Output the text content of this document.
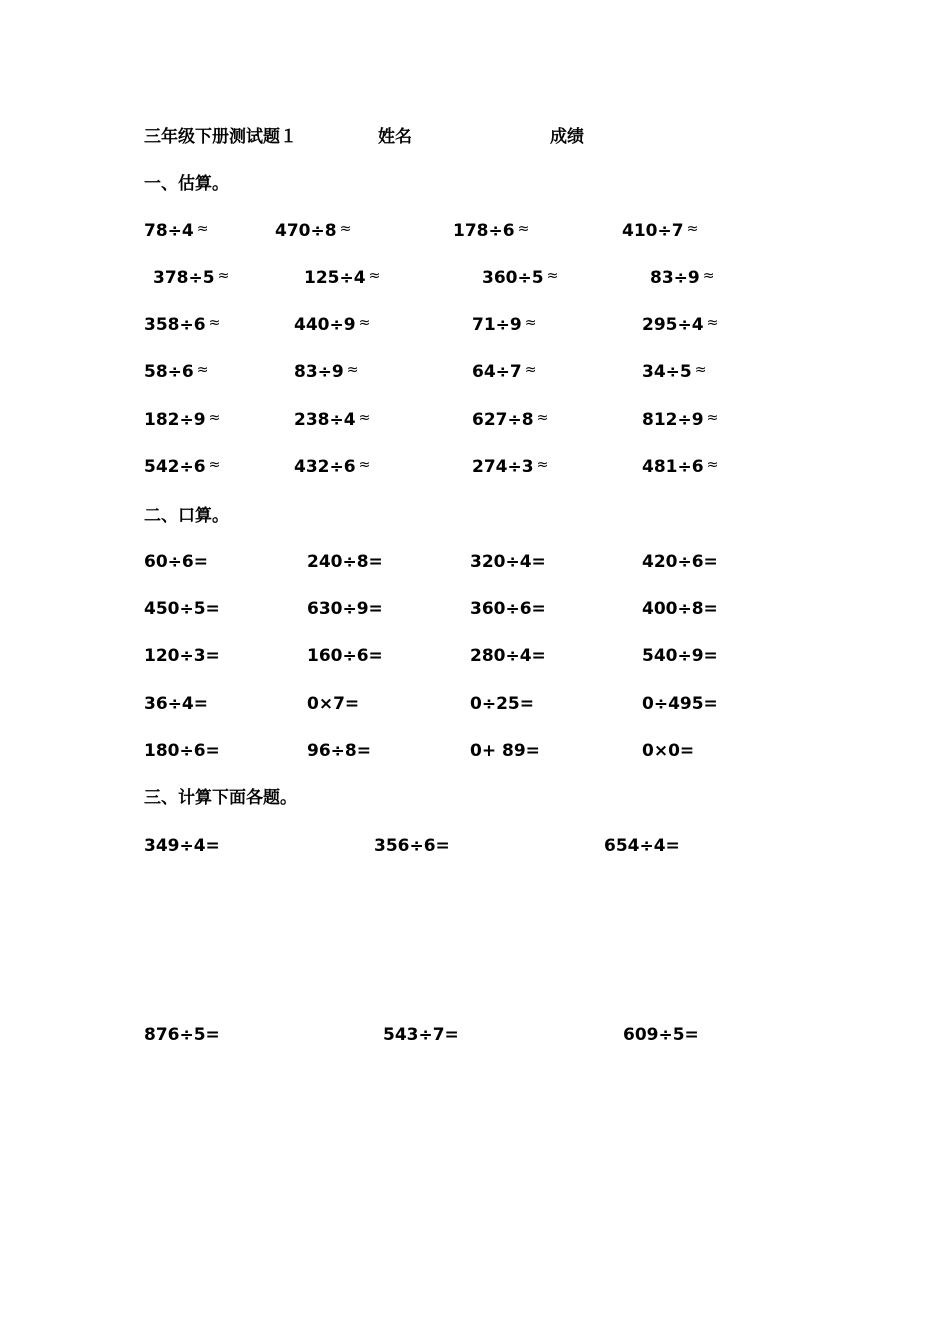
三年级下册测试题１	姓名	成绩
一、估算。
78÷4 ≈	470÷8 ≈	178÷6 ≈	410÷7 ≈
378÷5 ≈	125÷4 ≈	360÷5 ≈	83÷9 ≈
358÷6 ≈	440÷9 ≈	71÷9 ≈	295÷4 ≈
58÷6 ≈	83÷9 ≈	64÷7 ≈	34÷5 ≈
182÷9 ≈	238÷4 ≈	627÷8 ≈	812÷9 ≈
542÷6 ≈	432÷6 ≈	274÷3 ≈	481÷6 ≈
二、口算。
60÷6=	240÷8=	320÷4=	420÷6=
450÷5=	630÷9=	360÷6=	400÷8=
120÷3=	160÷6=	280÷4=	540÷9=
36÷4=	0×7=	0÷25=	0÷495=
180÷6=	96÷8=	0+ 89=	0×0=
三、计算下面各题。
349÷4=	356÷6=	654÷4=
876÷5=	543÷7=	609÷5=
